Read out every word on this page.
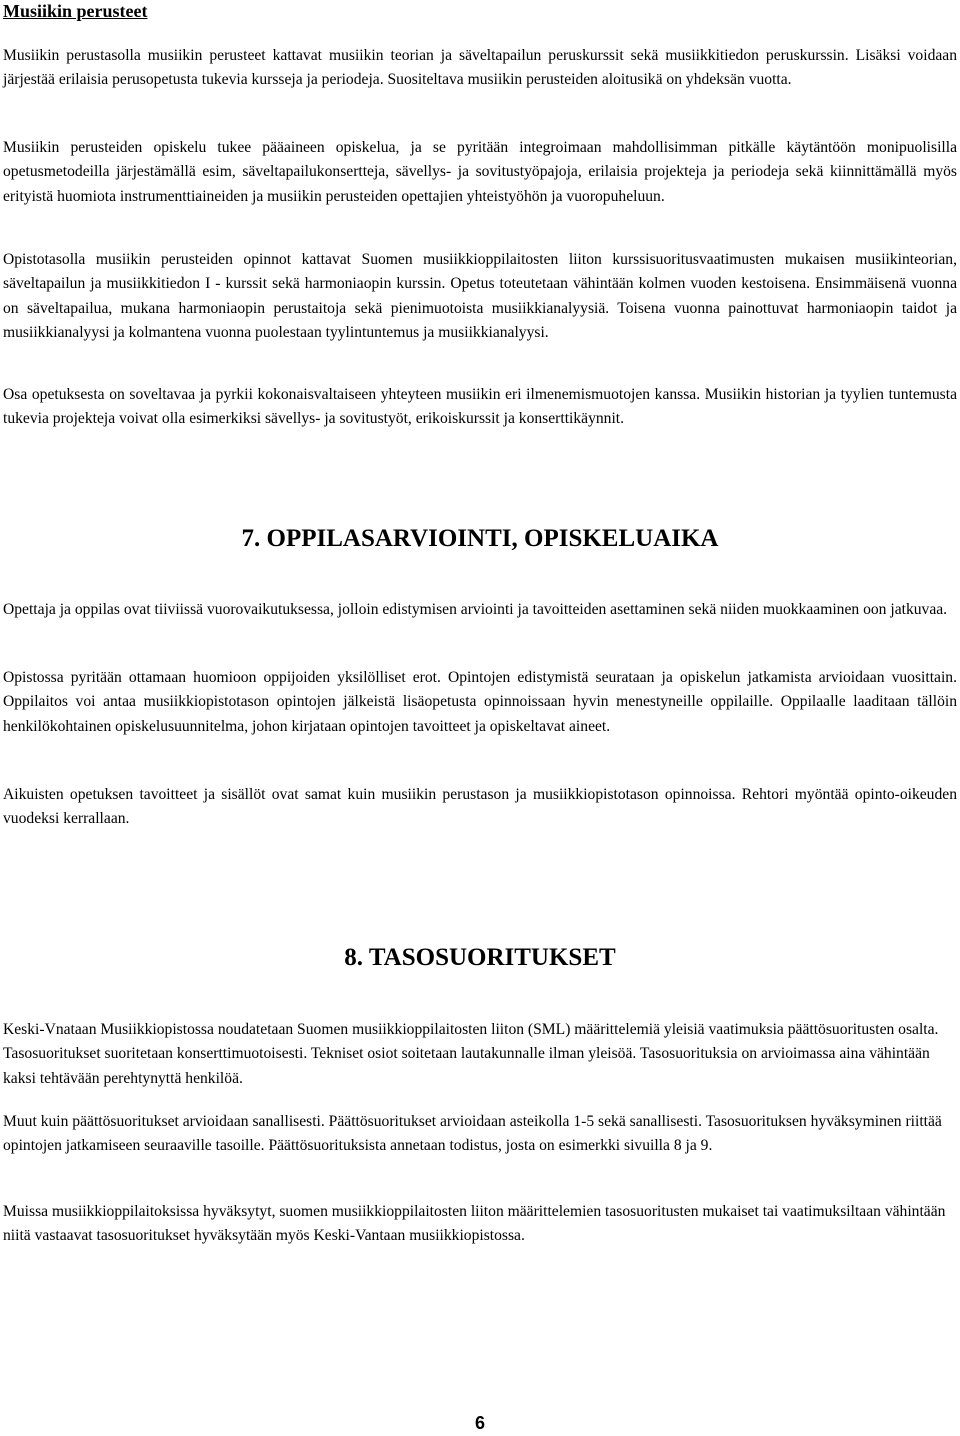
Musiikin perusteet

Musiikin perustasolla musiikin perusteet kattavat musiikin teorian ja säveltapailun peruskurssit sekä musiikkitiedon peruskurssin. Lisäksi voidaan järjestää erilaisia perusopetusta tukevia kursseja ja periodeja. Suositeltava musiikin perusteiden aloitusikä on yhdeksän vuotta.

Musiikin perusteiden opiskelu tukee pääaineen opiskelua, ja se pyritään integroimaan mahdollisimman pitkälle käytäntöön monipuolisilla opetusmetodeilla järjestämällä esim, säveltapailukonsertteja, sävellys- ja sovitustyöpajoja, erilaisia projekteja ja periodeja sekä kiinnittämällä myös erityistä huomiota instrumenttiaineiden ja musiikin perusteiden opettajien yhteistyöhön ja vuoropuheluun.

Opistotasolla musiikin perusteiden opinnot kattavat Suomen musiikkioppilaitosten liiton kurssisuoritusvaatimusten mukaisen musiikinteorian, säveltapailun ja musiikkitiedon I - kurssit sekä harmoniaopin kurssin. Opetus toteutetaan vähintään kolmen vuoden kestoisena. Ensimmäisenä vuonna on säveltapailua, mukana harmoniaopin perustaitoja sekä pienimuotoista musiikkianalyysiä. Toisena vuonna painottuvat harmoniaopin taidot ja musiikkianalyysi ja kolmantena vuonna puolestaan tyylintuntemus ja musiikkianalyysi.

Osa opetuksesta on soveltavaa ja pyrkii kokonaisvaltaiseen yhteyteen musiikin eri ilmenemismuotojen kanssa. Musiikin historian ja tyylien tuntemusta tukevia projekteja voivat olla esimerkiksi sävellys- ja sovitustyöt, erikoiskurssit ja konserttikäynnit.

7. OPPILASARVIOINTI, OPISKELUAIKA

Opettaja ja oppilas ovat tiiviissä vuorovaikutuksessa, jolloin edistymisen arviointi ja tavoitteiden asettaminen sekä niiden muokkaaminen oon jatkuvaa.

Opistossa pyritään ottamaan huomioon oppijoiden yksilölliset erot. Opintojen edistymistä seurataan ja opiskelun jatkamista arvioidaan vuosittain. Oppilaitos voi antaa musiikkiopistotason opintojen jälkeistä lisäopetusta opinnoissaan hyvin menestyneille oppilaille. Oppilaalle laaditaan tällöin henkilökohtainen opiskelusuunnitelma, johon kirjataan opintojen tavoitteet ja opiskeltavat aineet.

Aikuisten opetuksen tavoitteet ja sisällöt ovat samat kuin musiikin perustason ja musiikkiopistotason opinnoissa. Rehtori myöntää opinto-oikeuden vuodeksi kerrallaan.

8. TASOSUORITUKSET

Keski-Vnataan Musiikkiopistossa noudatetaan Suomen musiikkioppilaitosten liiton (SML) määrittelemiä yleisiä vaatimuksia päättösuoritusten osalta. Tasosuoritukset suoritetaan konserttimuotoisesti. Tekniset osiot soitetaan lautakunnalle ilman yleisöä. Tasosuorituksia on arvioimassa aina vähintään kaksi tehtävään perehtynyttä henkilöä.

Muut kuin päättösuoritukset arvioidaan sanallisesti. Päättösuoritukset arvioidaan asteikolla 1-5 sekä sanallisesti. Tasosuorituksen hyväksyminen riittää opintojen jatkamiseen seuraaville tasoille. Päättösuorituksista annetaan todistus, josta on esimerkki sivuilla 8 ja 9.

Muissa musiikkioppilaitoksissa hyväksytyt, suomen musiikkioppilaitosten liiton määrittelemien tasosuoritusten mukaiset tai vaatimuksiltaan vähintään niitä vastaavat tasosuoritukset hyväksytään myös Keski-Vantaan musiikkiopistossa.

6
